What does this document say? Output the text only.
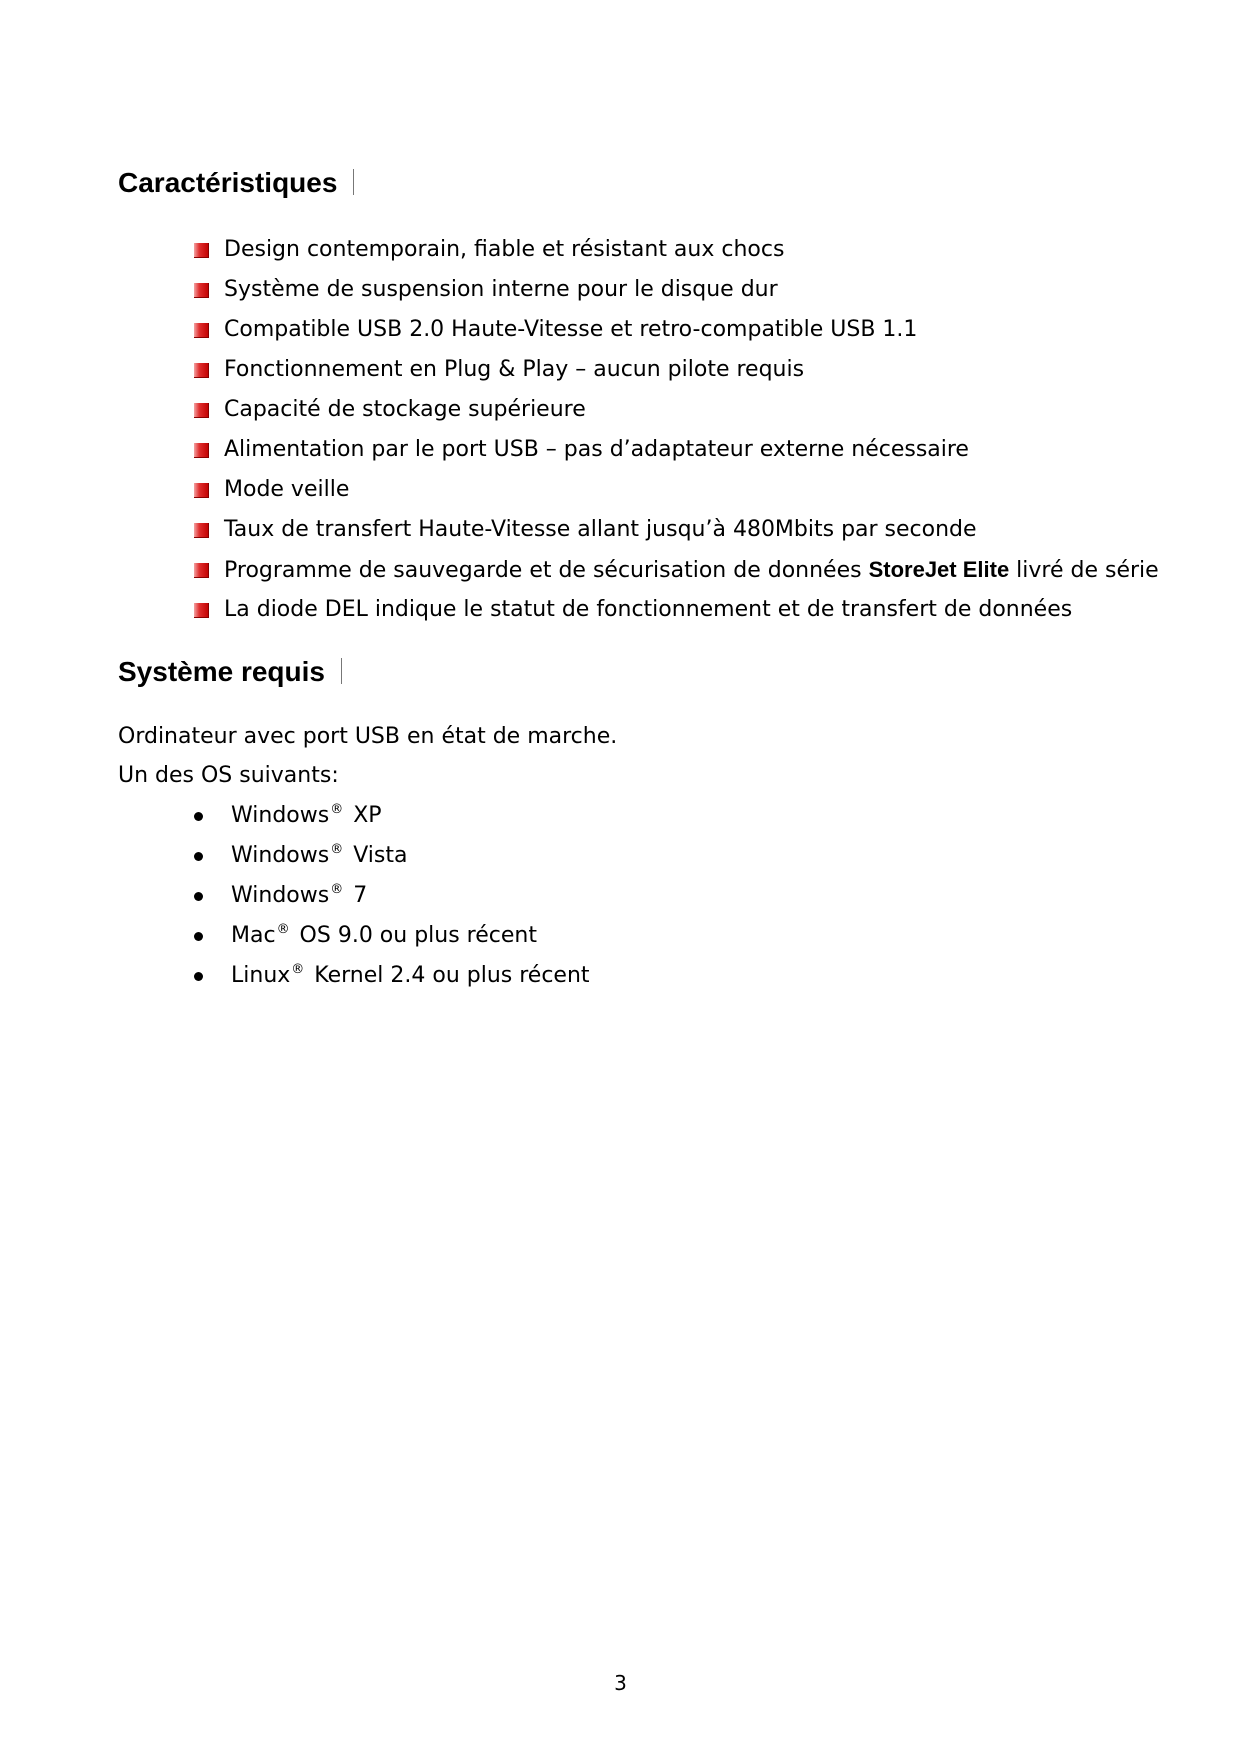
Caractéristiques
Design contemporain, fiable et résistant aux chocs
Système de suspension interne pour le disque dur
Compatible USB 2.0 Haute-Vitesse et retro-compatible USB 1.1
Fonctionnement en Plug & Play – aucun pilote requis
Capacité de stockage supérieure
Alimentation par le port USB – pas d’adaptateur externe nécessaire
Mode veille
Taux de transfert Haute-Vitesse allant jusqu’à 480Mbits par seconde
Programme de sauvegarde et de sécurisation de données StoreJet Elite livré de série
La diode DEL indique le statut de fonctionnement et de transfert de données
Système requis

Ordinateur avec port USB en état de marche.

Un des OS suivants:

Windows® XP
Windows® Vista
Windows® 7
Mac® OS 9.0 ou plus récent
Linux® Kernel 2.4 ou plus récent
3
